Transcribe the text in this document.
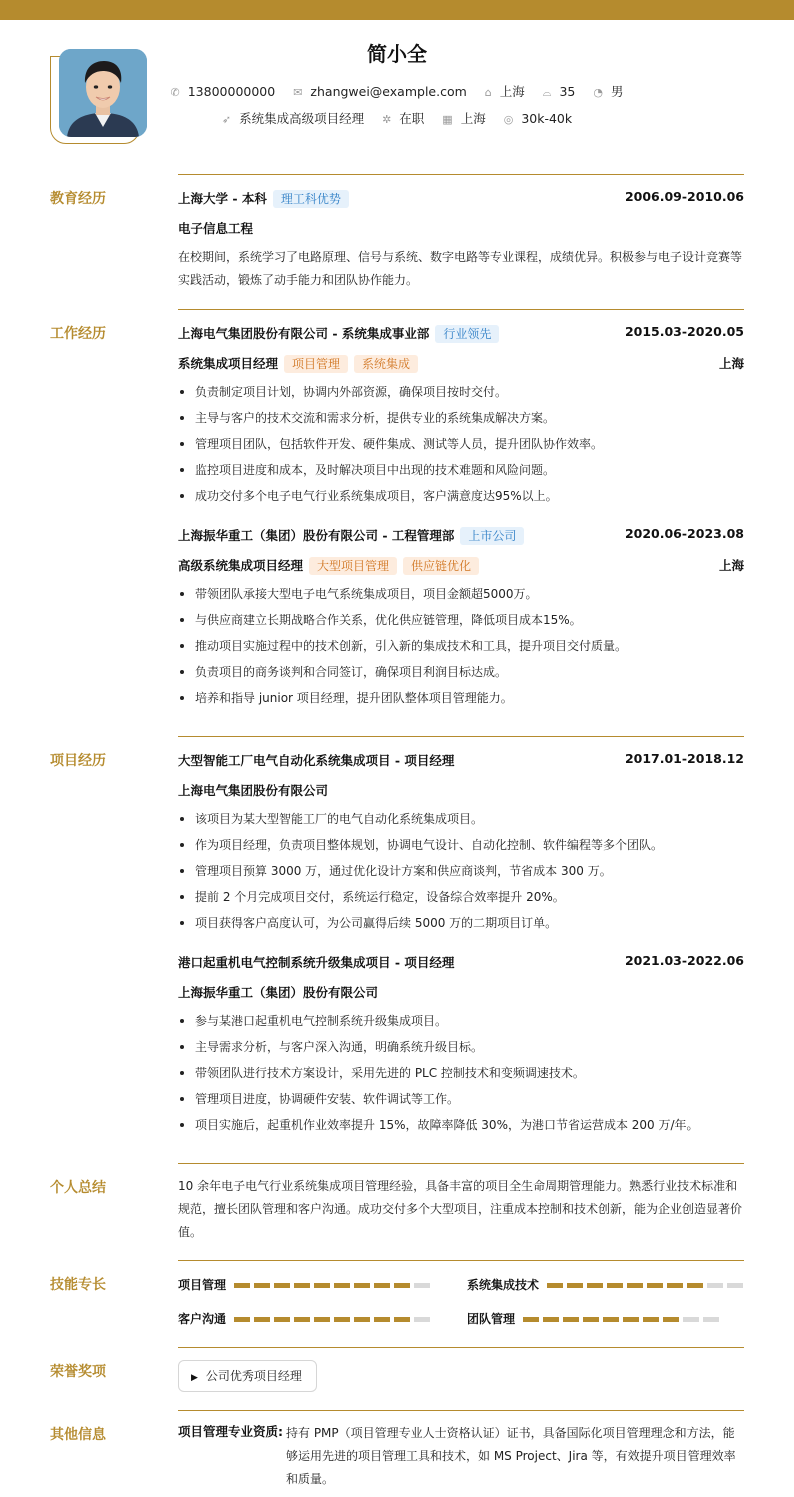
简小全
✆ 13800000000 ✉ zhangwei@example.com ⌂ 上海 ⌓ 35 ◔ 男
➶ 系统集成高级项目经理 ✲ 在职 ▦ 上海 ◎ 30k-40k
教育经历	上海大学 - 本科 理工科优势	2006.09-2010.06
电子信息工程
在校期间，系统学习了电路原理、信号与系统、数字电路等专业课程，成绩优异。积极参与电子设计竞赛等实践活动，锻炼了动手能力和团队协作能力。
工作经历	上海电气集团股份有限公司 - 系统集成事业部 行业领先	2015.03-2020.05
系统集成项目经理 项目管理 系统集成	上海
负责制定项目计划，协调内外部资源，确保项目按时交付。
主导与客户的技术交流和需求分析，提供专业的系统集成解决方案。
管理项目团队，包括软件开发、硬件集成、测试等人员，提升团队协作效率。
监控项目进度和成本，及时解决项目中出现的技术难题和风险问题。
成功交付多个电子电气行业系统集成项目，客户满意度达95%以上。
上海振华重工（集团）股份有限公司 - 工程管理部 上市公司	2020.06-2023.08
高级系统集成项目经理 大型项目管理 供应链优化	上海
带领团队承接大型电子电气系统集成项目，项目金额超5000万。
与供应商建立长期战略合作关系，优化供应链管理，降低项目成本15%。
推动项目实施过程中的技术创新，引入新的集成技术和工具，提升项目交付质量。
负责项目的商务谈判和合同签订，确保项目利润目标达成。
培养和指导 junior 项目经理，提升团队整体项目管理能力。
项目经历	大型智能工厂电气自动化系统集成项目 - 项目经理	2017.01-2018.12
上海电气集团股份有限公司
该项目为某大型智能工厂的电气自动化系统集成项目。
作为项目经理，负责项目整体规划，协调电气设计、自动化控制、软件编程等多个团队。
管理项目预算 3000 万，通过优化设计方案和供应商谈判，节省成本 300 万。
提前 2 个月完成项目交付，系统运行稳定，设备综合效率提升 20%。
项目获得客户高度认可，为公司赢得后续 5000 万的二期项目订单。
港口起重机电气控制系统升级集成项目 - 项目经理	2021.03-2022.06
上海振华重工（集团）股份有限公司
参与某港口起重机电气控制系统升级集成项目。
主导需求分析，与客户深入沟通，明确系统升级目标。
带领团队进行技术方案设计，采用先进的 PLC 控制技术和变频调速技术。
管理项目进度，协调硬件安装、软件调试等工作。
项目实施后，起重机作业效率提升 15%，故障率降低 30%，为港口节省运营成本 200 万/年。
个人总结	10 余年电子电气行业系统集成项目管理经验，具备丰富的项目全生命周期管理能力。熟悉行业技术标准和规范，擅长团队管理和客户沟通。成功交付多个大型项目，注重成本控制和技术创新，能为企业创造显著价值。
技能专长	项目管理	系统集成技术
客户沟通	团队管理
荣誉奖项	▶ 公司优秀项目经理
其他信息	项目管理专业资质: 持有 PMP（项目管理专业人士资格认证）证书，具备国际化项目管理理念和方法，能够运用先进的项目管理工具和技术，如 MS Project、Jira 等，有效提升项目管理效率和质量。
